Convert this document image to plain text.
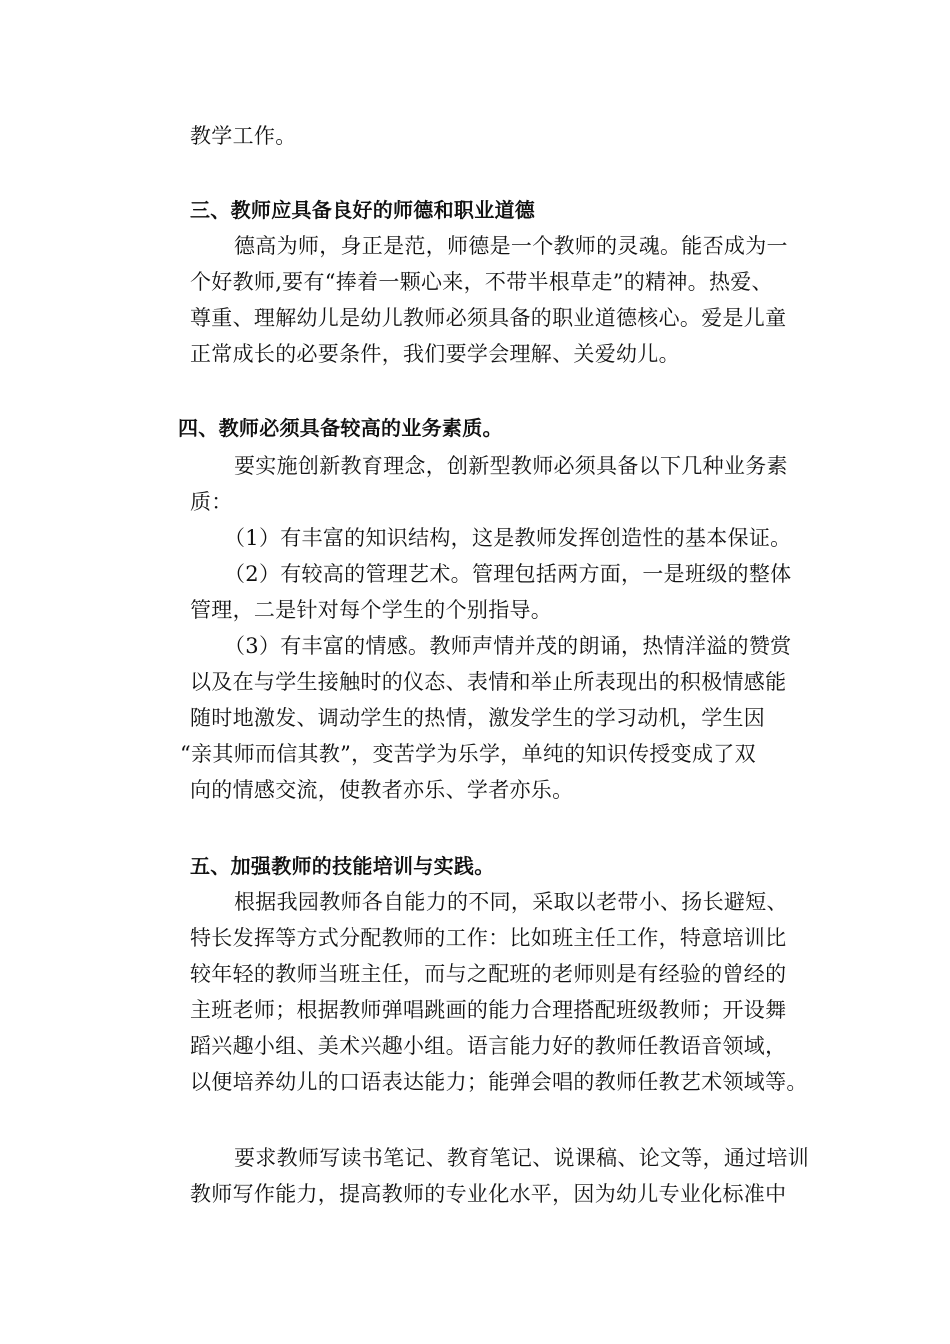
教学工作。
三、教师应具备良好的师德和职业道德
德高为师，身正是范，师德是一个教师的灵魂。能否成为一
个好教师,要有“捧着一颗心来，不带半根草走”的精神。热爱、
尊重、理解幼儿是幼儿教师必须具备的职业道德核心。爱是儿童
正常成长的必要条件，我们要学会理解、关爱幼儿。
四、教师必须具备较高的业务素质。
要实施创新教育理念，创新型教师必须具备以下几种业务素
质：
（1）有丰富的知识结构，这是教师发挥创造性的基本保证。
（2）有较高的管理艺术。管理包括两方面，一是班级的整体
管理，二是针对每个学生的个别指导。
（3）有丰富的情感。教师声情并茂的朗诵，热情洋溢的赞赏
以及在与学生接触时的仪态、表情和举止所表现出的积极情感能
随时地激发、调动学生的热情，激发学生的学习动机，学生因
“亲其师而信其教”，变苦学为乐学，单纯的知识传授变成了双
向的情感交流，使教者亦乐、学者亦乐。
五、加强教师的技能培训与实践。
根据我园教师各自能力的不同，采取以老带小、扬长避短、
特长发挥等方式分配教师的工作：比如班主任工作，特意培训比
较年轻的教师当班主任，而与之配班的老师则是有经验的曾经的
主班老师；根据教师弹唱跳画的能力合理搭配班级教师；开设舞
蹈兴趣小组、美术兴趣小组。语言能力好的教师任教语音领域，
以便培养幼儿的口语表达能力；能弹会唱的教师任教艺术领域等。
要求教师写读书笔记、教育笔记、说课稿、论文等，通过培训
教师写作能力，提高教师的专业化水平，因为幼儿专业化标准中
